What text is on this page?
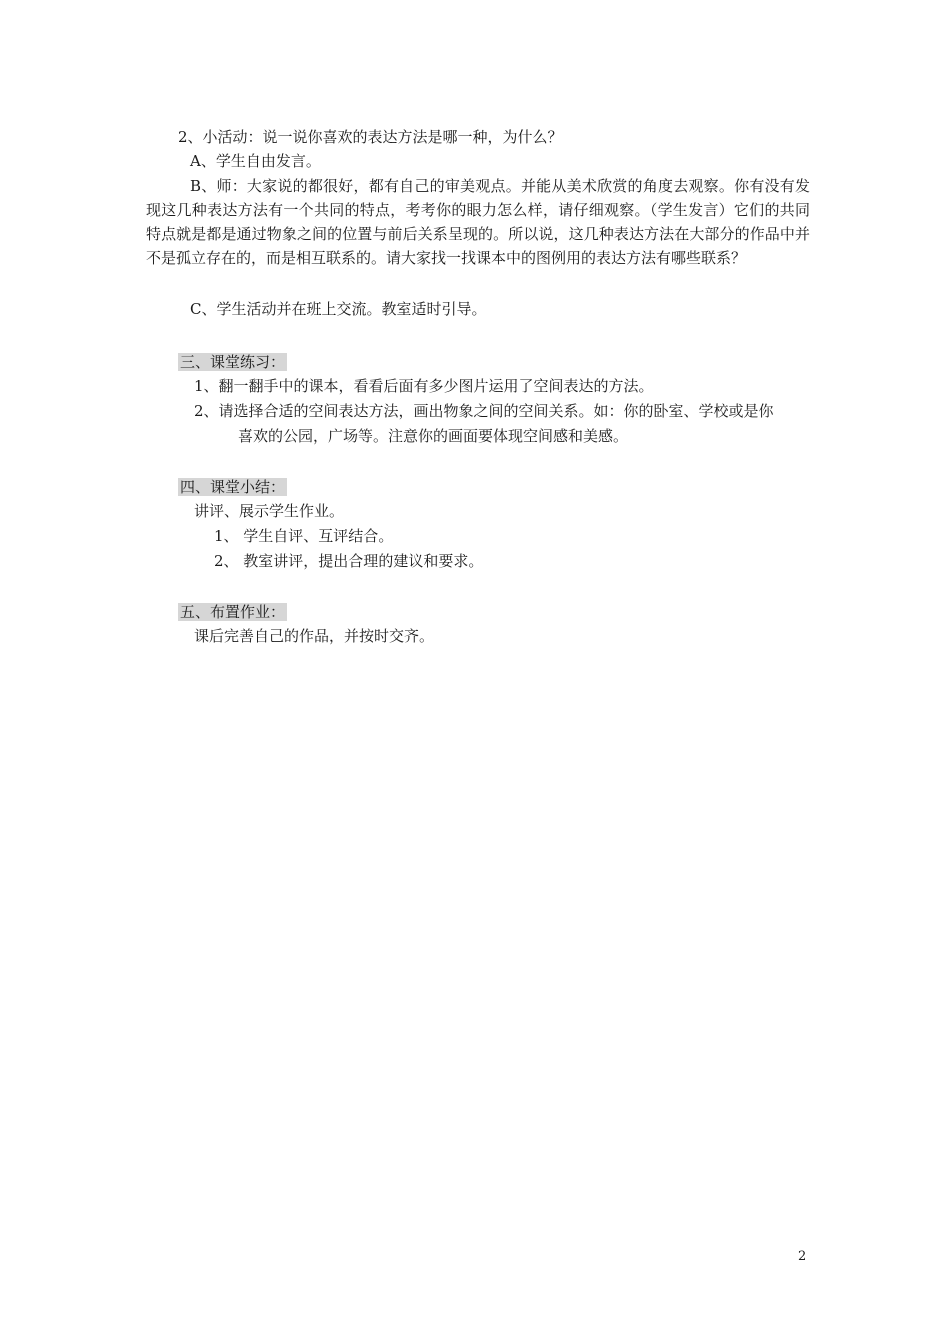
2、小活动：说一说你喜欢的表达方法是哪一种，为什么？
A、学生自由发言。
B、师：大家说的都很好，都有自己的审美观点。并能从美术欣赏的角度去观察。你有没有发现这几种表达方法有一个共同的特点，考考你的眼力怎么样，请仔细观察。（学生发言）它们的共同特点就是都是通过物象之间的位置与前后关系呈现的。所以说，这几种表达方法在大部分的作品中并不是孤立存在的，而是相互联系的。请大家找一找课本中的图例用的表达方法有哪些联系？
C、学生活动并在班上交流。教室适时引导。
三、课堂练习：
1、翻一翻手中的课本，看看后面有多少图片运用了空间表达的方法。
2、请选择合适的空间表达方法，画出物象之间的空间关系。如：你的卧室、学校或是你
喜欢的公园，广场等。注意你的画面要体现空间感和美感。
四、课堂小结：
讲评、展示学生作业。
1、 学生自评、互评结合。
2、 教室讲评，提出合理的建议和要求。
五、布置作业：
课后完善自己的作品，并按时交齐。
2
